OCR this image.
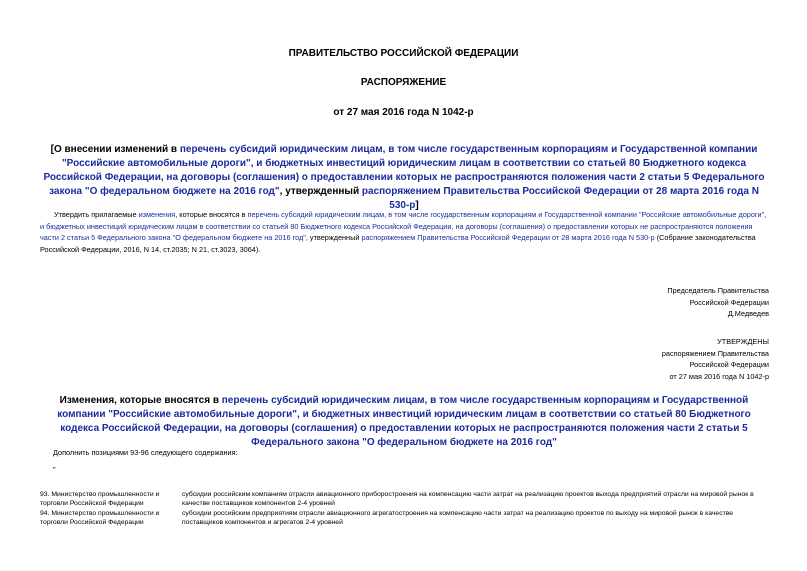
ПРАВИТЕЛЬСТВО РОССИЙСКОЙ ФЕДЕРАЦИИ
РАСПОРЯЖЕНИЕ
от 27 мая 2016 года N 1042-р
[О внесении изменений в перечень субсидий юридическим лицам, в том числе государственным корпорациям и Государственной компании "Российские автомобильные дороги", и бюджетных инвестиций юридическим лицам в соответствии со статьей 80 Бюджетного кодекса Российской Федерации, на договоры (соглашения) о предоставлении которых не распространяются положения части 2 статьи 5 Федерального закона "О федеральном бюджете на 2016 год", утвержденный распоряжением Правительства Российской Федерации от 28 марта 2016 года N 530-р]
Утвердить прилагаемые изменения, которые вносятся в перечень субсидий юридическим лицам, в том числе государственным корпорациям и Государственной компании "Российские автомобильные дороги", и бюджетных инвестиций юридическим лицам в соответствии со статьей 80 Бюджетного кодекса Российской Федерации, на договоры (соглашения) о предоставлении которых не распространяются положения части 2 статьи 5 Федерального закона "О федеральном бюджете на 2016 год", утвержденный распоряжением Правительства Российской Федерации от 28 марта 2016 года N 530-р (Собрание законодательства Российской Федерации, 2016, N 14, ст.2035; N 21, ст.3023, 3064).
Председатель Правительства
Российской Федерации
Д.Медведев
УТВЕРЖДЕНЫ
распоряжением Правительства
Российской Федерации
от 27 мая 2016 года N 1042-р
Изменения, которые вносятся в перечень субсидий юридическим лицам, в том числе государственным корпорациям и Государственной компании "Российские автомобильные дороги", и бюджетных инвестиций юридическим лицам в соответствии со статьей 80 Бюджетного кодекса Российской Федерации, на договоры (соглашения) о предоставлении которых не распространяются положения части 2 статьи 5 Федерального закона "О федеральном бюджете на 2016 год"
Дополнить позициями 93-96 следующего содержания:
"
93. Министерство промышленности и торговли Российской Федерации	субсидии российским компаниям отрасли авиационного приборостроения на компенсацию части затрат на реализацию проектов выхода предприятий отрасли на мировой рынок в качестве поставщиков компонентов 2-4 уровней
94. Министерство промышленности и торговли Российской Федерации	субсидии российским предприятиям отрасли авиационного агрегатостроения на компенсацию части затрат на реализацию проектов по выходу на мировой рынок в качестве поставщиков компонентов и агрегатов 2-4 уровней
